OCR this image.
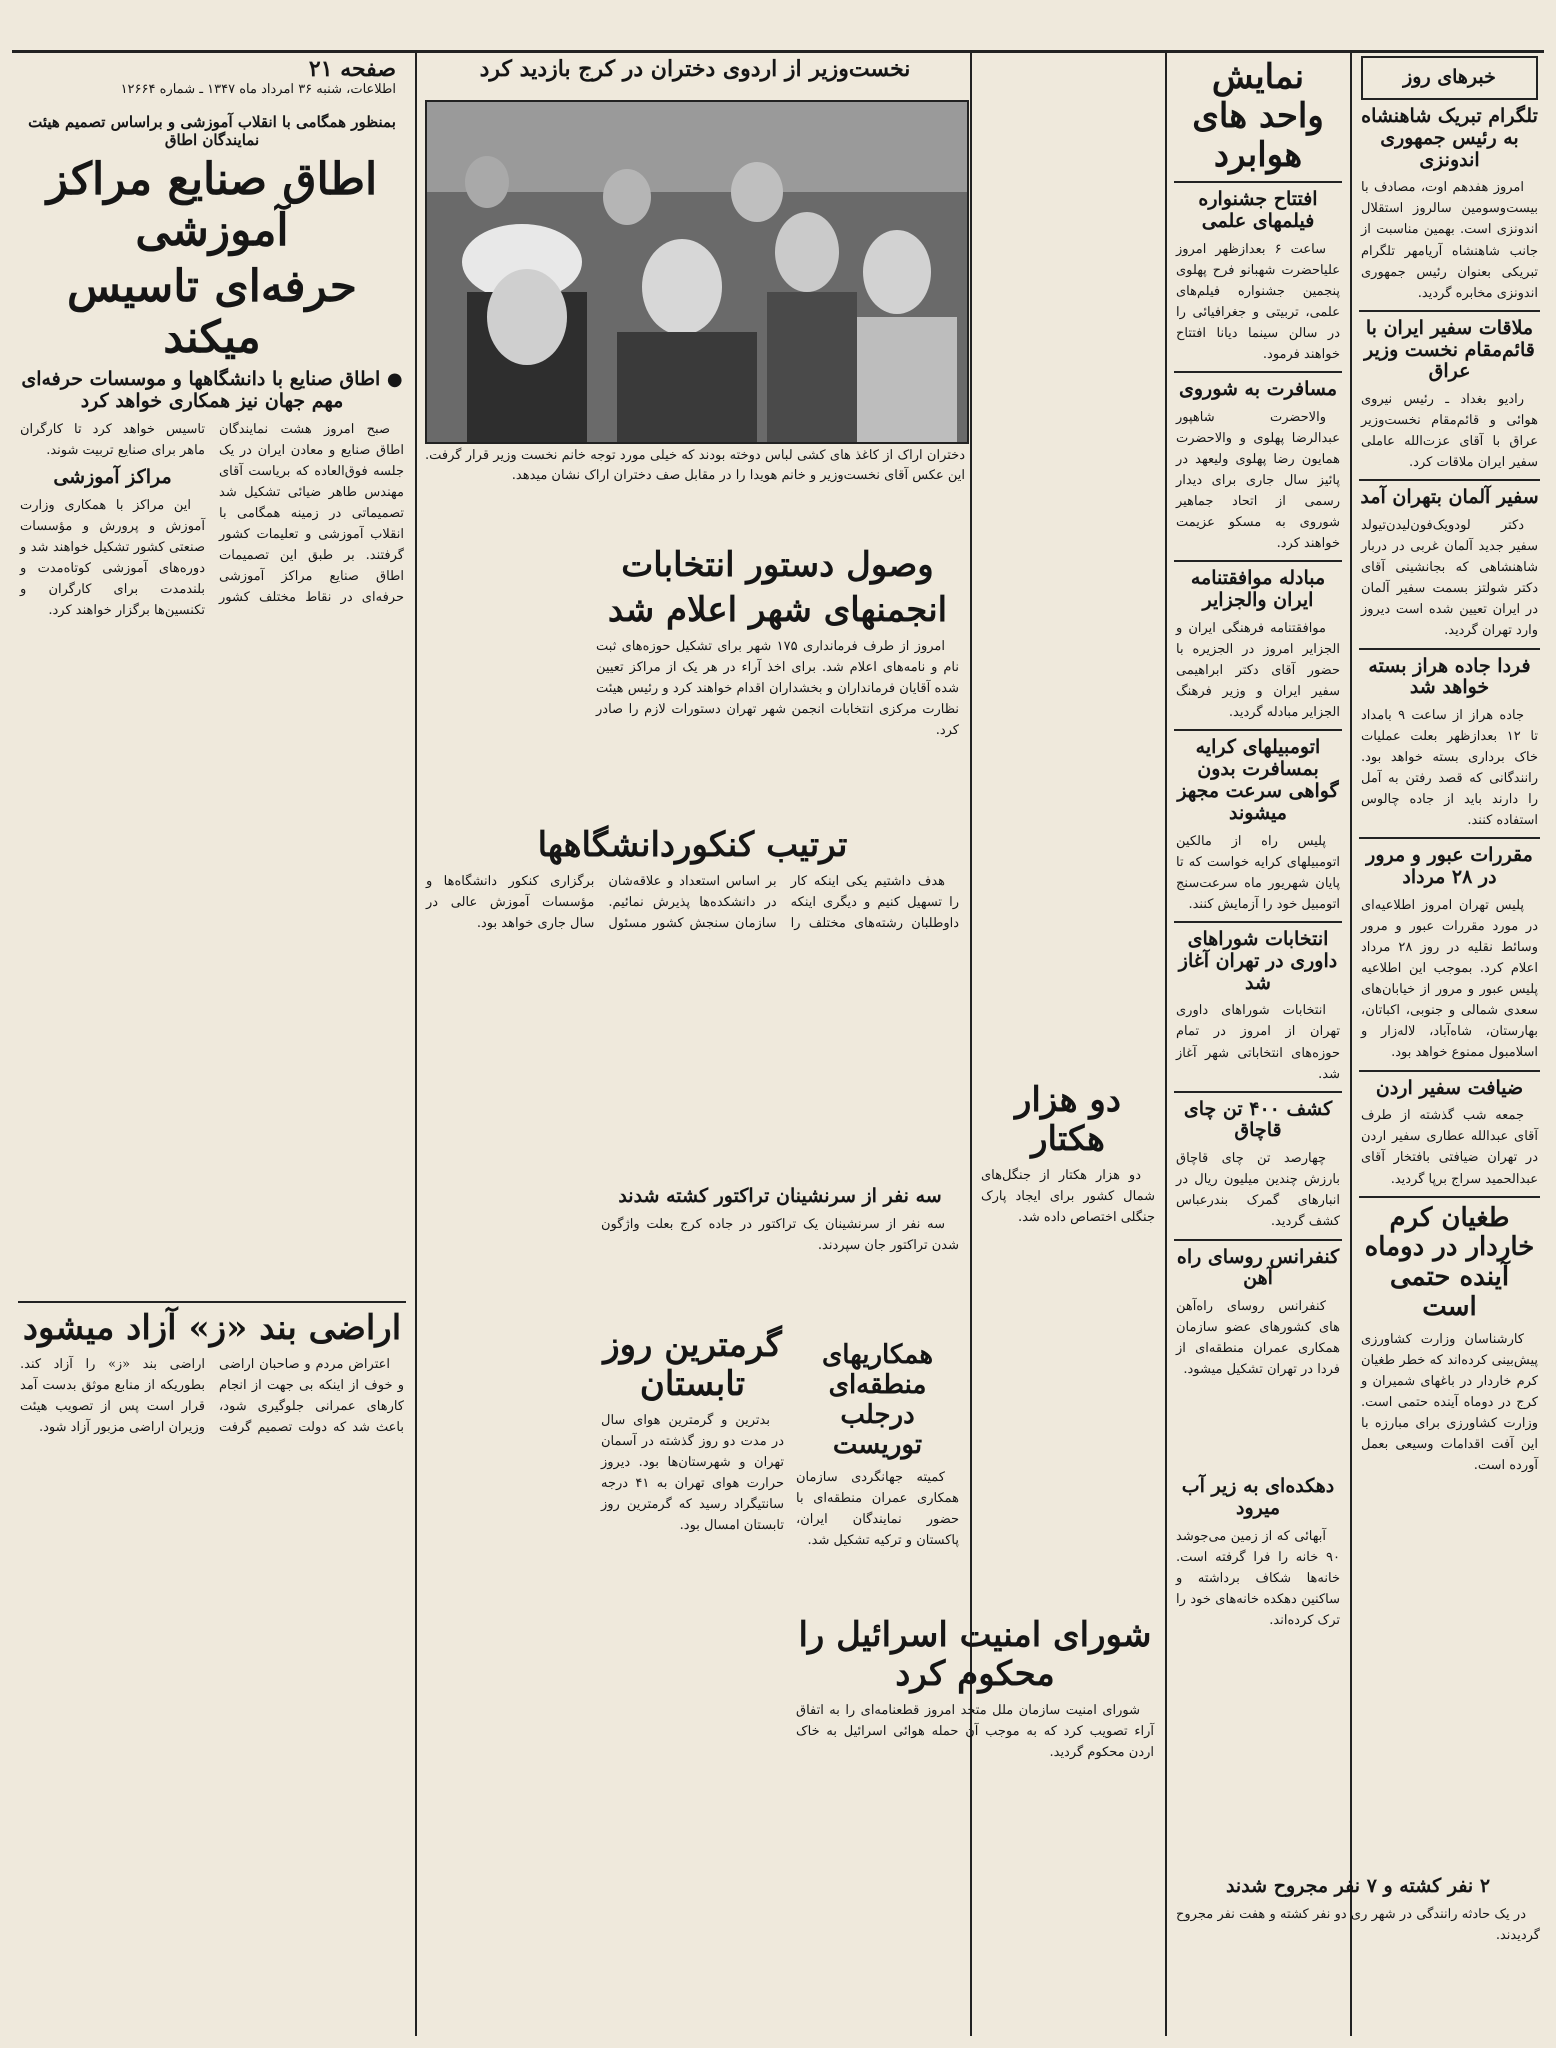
صفحه ۲۱
اطلاعات، شنبه ۳۶ امرداد ماه ۱۳۴۷ ـ شماره ۱۲۶۶۴
نخست‌وزیر از اردوی دختران در کرج بازدید کرد
دختران اراک از کاغذ های کشی لباس دوخته بودند که خیلی مورد توجه خانم نخست وزیر قرار گرفت. این عکس آقای نخست‌وزیر و خانم هویدا را در مقابل صف دختران اراک نشان میدهد.
خبرهای روز
تلگرام تبریک شاهنشاه به رئیس جمهوری اندونزی

امروز هفدهم اوت، مصادف با بیست‌وسومین سالروز استقلال اندونزی است. بهمین مناسبت از جانب شاهنشاه آریامهر تلگرام تبریکی بعنوان رئیس جمهوری اندونزی مخابره گردید.

ملاقات سفیر ایران با قائم‌مقام نخست وزیر عراق

رادیو بغداد ـ رئیس نیروی هوائی و قائم‌مقام نخست‌وزیر عراق با آقای عزت‌الله عاملی سفیر ایران ملاقات کرد.

سفیر آلمان بتهران آمد

دکتر لودویک‌فون‌لیدن‌تیولد سفیر جدید آلمان غربی در دربار شاهنشاهی که بجانشینی آقای دکتر شولتز بسمت سفیر آلمان در ایران تعیین شده است دیروز وارد تهران گردید.

فردا جاده هراز بسته خواهد شد

جاده هراز از ساعت ۹ بامداد تا ۱۲ بعدازظهر بعلت عملیات خاک برداری بسته خواهد بود. رانندگانی که قصد رفتن به آمل را دارند باید از جاده چالوس استفاده کنند.

مقررات عبور و مرور در ۲۸ مرداد

پلیس تهران امروز اطلاعیه‌ای در مورد مقررات عبور و مرور وسائط نقلیه در روز ۲۸ مرداد اعلام کرد. بموجب این اطلاعیه پلیس عبور و مرور از خیابان‌های سعدی شمالی و جنوبی، اکباتان، بهارستان، شاه‌آباد، لاله‌زار و اسلامبول ممنوع خواهد بود.

ضیافت سفیر اردن

جمعه شب گذشته از طرف آقای عبدالله عطاری سفیر اردن در تهران ضیافتی بافتخار آقای عبدالحمید سراج برپا گردید.

طغیان کرم خاردار در دوماه آینده حتمی است

کارشناسان وزارت کشاورزی پیش‌بینی کرده‌اند که خطر طغیان کرم خاردار در باغهای شمیران و کرج در دوماه آینده حتمی است. وزارت کشاورزی برای مبارزه با این آفت اقدامات وسیعی بعمل آورده است.

نمایش واحد های هوابرد
افتتاح جشنواره فیلمهای علمی

ساعت ۶ بعدازظهر امروز علیاحضرت شهبانو فرح پهلوی پنجمین جشنواره فیلم‌های علمی، تربیتی و جغرافیائی را در سالن سینما دیانا افتتاح خواهند فرمود.

مسافرت به شوروی

والاحضرت شاهپور عبدالرضا پهلوی و والاحضرت همایون رضا پهلوی ولیعهد در پائیز سال جاری برای دیدار رسمی از اتحاد جماهیر شوروی به مسکو عزیمت خواهند کرد.

مبادله موافقتنامه ایران والجزایر

موافقتنامه فرهنگی ایران و الجزایر امروز در الجزیره با حضور آقای دکتر ابراهیمی سفیر ایران و وزیر فرهنگ الجزایر مبادله گردید.

اتومبیلهای کرایه بمسافرت بدون گواهی سرعت مجهز میشوند

پلیس راه از مالکین اتومبیلهای کرایه خواست که تا پایان شهریور ماه سرعت‌سنج اتومبیل خود را آزمایش کنند.

انتخابات شوراهای داوری در تهران آغاز شد

انتخابات شوراهای داوری تهران از امروز در تمام حوزه‌های انتخاباتی شهر آغاز شد.

کشف ۴۰۰ تن چای قاچاق

چهارصد تن چای قاچاق بارزش چندین میلیون ریال در انبارهای گمرک بندرعباس کشف گردید.

کنفرانس روسای راه آهن

کنفرانس روسای راه‌آهن های کشورهای عضو سازمان همکاری عمران منطقه‌ای از فردا در تهران تشکیل میشود.

وصول دستور انتخابات
انجمنهای شهر اعلام شد

امروز از طرف فرمانداری ۱۷۵ شهر برای تشکیل حوزه‌های ثبت نام و نامه‌های اعلام شد. برای اخذ آراء در هر یک از مراکز تعیین شده آقایان فرمانداران و بخشداران اقدام خواهند کرد و رئیس هیئت نظارت مرکزی انتخابات انجمن شهر تهران دستورات لازم را صادر کرد.

ترتیب کنکوردانشگاهها

هدف داشتیم یکی اینکه کار را تسهیل کنیم و دیگری اینکه داوطلبان رشته‌های مختلف را بر اساس استعداد و علاقه‌شان در دانشکده‌ها پذیرش نمائیم. سازمان سنجش کشور مسئول برگزاری کنکور دانشگاه‌ها و مؤسسات آموزش عالی در سال جاری خواهد بود.

دو هزار هکتار

دو هزار هکتار از جنگل‌های شمال کشور برای ایجاد پارک جنگلی اختصاص داده شد.

سه نفر از سرنشینان تراکتور کشته شدند

سه نفر از سرنشینان یک تراکتور در جاده کرج بعلت واژگون شدن تراکتور جان سپردند.

گرمترین روز تابستان

بدترین و گرمترین هوای سال در مدت دو روز گذشته در آسمان تهران و شهرستان‌ها بود. دیروز حرارت هوای تهران به ۴۱ درجه سانتیگراد رسید که گرمترین روز تابستان امسال بود.

همکاریهای منطقه‌ای درجلب توریست

کمیته جهانگردی سازمان همکاری عمران منطقه‌ای با حضور نمایندگان ایران، پاکستان و ترکیه تشکیل شد.

شورای امنیت اسرائیل را محکوم کرد

شورای امنیت سازمان ملل متحد امروز قطعنامه‌ای را به اتفاق آراء تصویب کرد که به موجب آن حمله هوائی اسرائیل به خاک اردن محکوم گردید.

دهکده‌ای به زیر آب میرود

آبهائی که از زمین می‌جوشد ۹۰ خانه را فرا گرفته است. خانه‌ها شکاف برداشته و ساکنین دهکده خانه‌های خود را ترک کرده‌اند.

۲ نفر کشته و ۷ نفر مجروح شدند

در یک حادثه رانندگی در شهر ری دو نفر کشته و هفت نفر مجروح گردیدند.

بمنظور همگامی با انقلاب آموزشی و براساس تصمیم هیئت نمایندگان اطاق
اطاق صنایع مراکز آموزشی
حرفه‌ای تاسیس میکند
● اطاق صنایع با دانشگاهها و موسسات حرفه‌ای مهم جهان نیز همکاری خواهد کرد

صبح امروز هشت نمایندگان اطاق صنایع و معادن ایران در یک جلسه فوق‌العاده که بریاست آقای مهندس طاهر ضیائی تشکیل شد تصمیماتی در زمینه همگامی با انقلاب آموزشی و تعلیمات کشور گرفتند. بر طبق این تصمیمات اطاق صنایع مراکز آموزشی حرفه‌ای در نقاط مختلف کشور تاسیس خواهد کرد تا کارگران ماهر برای صنایع تربیت شوند.

مراکز آموزشی

این مراکز با همکاری وزارت آموزش و پرورش و مؤسسات صنعتی کشور تشکیل خواهند شد و دوره‌های آموزشی کوتاه‌مدت و بلند‌مدت برای کارگران و تکنسین‌ها برگزار خواهند کرد.

اراضی بند «ز» آزاد میشود

اعتراض مردم و صاحبان اراضی و خوف از اینکه بی جهت از انجام کارهای عمرانی جلوگیری شود، باعث شد که دولت تصمیم گرفت اراضی بند «ز» را آزاد کند. بطوریکه از منابع موثق بدست آمد قرار است پس از تصویب هیئت وزیران اراضی مزبور آزاد شود.
